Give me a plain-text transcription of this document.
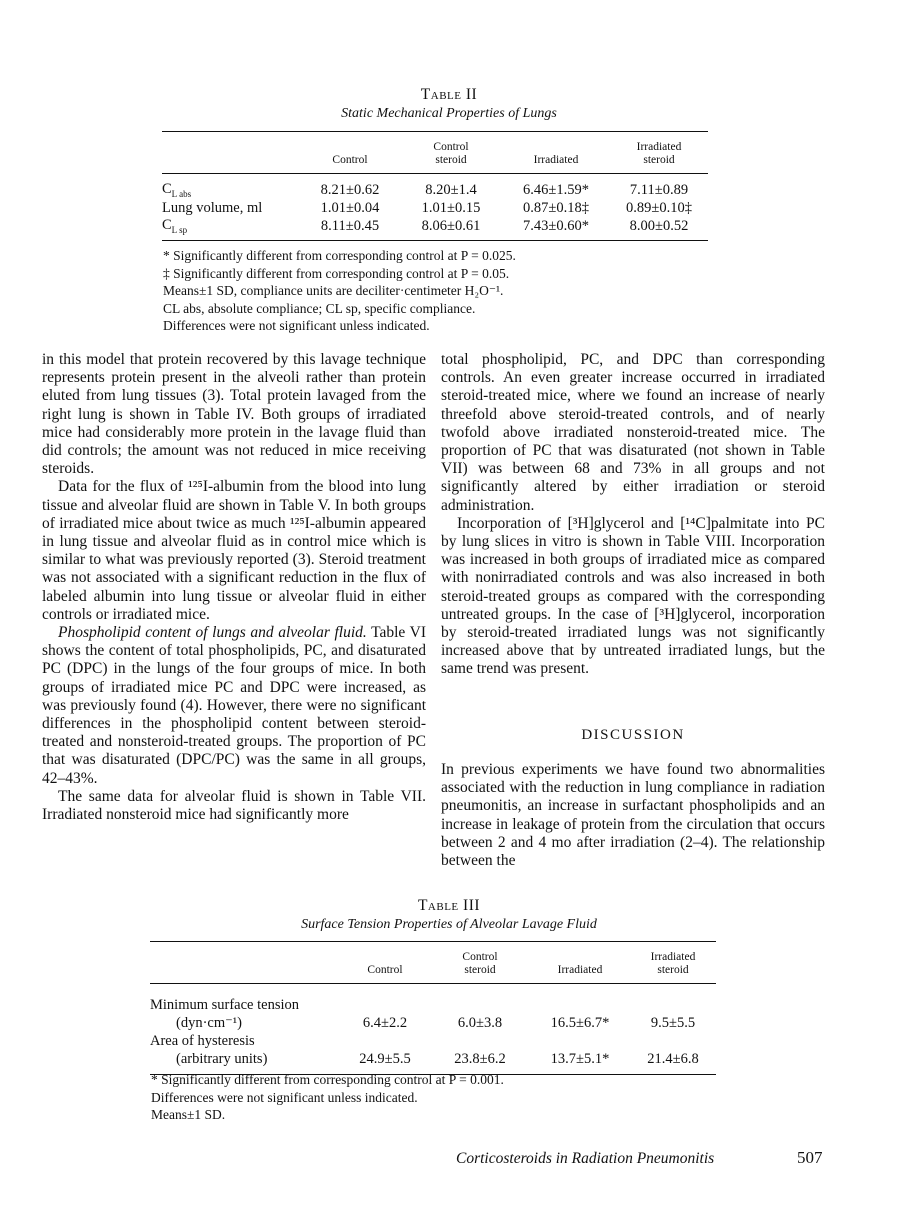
Table II
Static Mechanical Properties of Lungs
	Control	Control steroid	Irradiated	Irradiated steroid
$C_{L abs}$	8.21±0.62	8.20±1.4	6.46±1.59*	7.11±0.89
Lung volume, ml	1.01±0.04	1.01±0.15	0.87±0.18‡	0.89±0.10‡
$C_{L sp}$	8.11±0.45	8.06±0.61	7.43±0.60*	8.00±0.52
* Significantly different from corresponding control at P = 0.025.
‡ Significantly different from corresponding control at P = 0.05.
Means±1 SD, compliance units are deciliter·centimeter H₂O⁻¹.
CL abs, absolute compliance; CL sp, specific compliance.
Differences were not significant unless indicated.

in this model that protein recovered by this lavage technique represents protein present in the alveoli rather than protein eluted from lung tissues (3). Total protein lavaged from the right lung is shown in Table IV. Both groups of irradiated mice had considerably more protein in the lavage fluid than did controls; the amount was not reduced in mice receiving steroids.

Data for the flux of ¹²⁵I-albumin from the blood into lung tissue and alveolar fluid are shown in Table V. In both groups of irradiated mice about twice as much ¹²⁵I-albumin appeared in lung tissue and alveolar fluid as in control mice which is similar to what was previously reported (3). Steroid treatment was not associated with a significant reduction in the flux of labeled albumin into lung tissue or alveolar fluid in either controls or irradiated mice.

Phospholipid content of lungs and alveolar fluid. Table VI shows the content of total phospholipids, PC, and disaturated PC (DPC) in the lungs of the four groups of mice. In both groups of irradiated mice PC and DPC were increased, as was previously found (4). However, there were no significant differences in the phospholipid content between steroid-treated and nonsteroid-treated groups. The proportion of PC that was disaturated (DPC/PC) was the same in all groups, 42–43%.

The same data for alveolar fluid is shown in Table VII. Irradiated nonsteroid mice had significantly more

total phospholipid, PC, and DPC than corresponding controls. An even greater increase occurred in irradiated steroid-treated mice, where we found an increase of nearly threefold above steroid-treated controls, and of nearly twofold above irradiated nonsteroid-treated mice. The proportion of PC that was disaturated (not shown in Table VII) was between 68 and 73% in all groups and not significantly altered by either irradiation or steroid administration.

Incorporation of [³H]glycerol and [¹⁴C]palmitate into PC by lung slices in vitro is shown in Table VIII. Incorporation was increased in both groups of irradiated mice as compared with nonirradiated controls and was also increased in both steroid-treated groups as compared with the corresponding untreated groups. In the case of [³H]glycerol, incorporation by steroid-treated irradiated lungs was not significantly increased above that by untreated irradiated lungs, but the same trend was present.

DISCUSSION

In previous experiments we have found two abnormalities associated with the reduction in lung compliance in radiation pneumonitis, an increase in surfactant phospholipids and an increase in leakage of protein from the circulation that occurs between 2 and 4 mo after irradiation (2–4). The relationship between the

Table III
Surface Tension Properties of Alveolar Lavage Fluid
	Control	Control steroid	Irradiated	Irradiated steroid

Minimum surface tension
(dyn·cm⁻¹)	6.4±2.2	6.0±3.8	16.5±6.7*	9.5±5.5

Area of hysteresis
(arbitrary units)	24.9±5.5	23.8±6.2	13.7±5.1*	21.4±6.8
* Significantly different from corresponding control at P = 0.001.
Differences were not significant unless indicated.
Means±1 SD.
Corticosteroids in Radiation Pneumonitis	507
